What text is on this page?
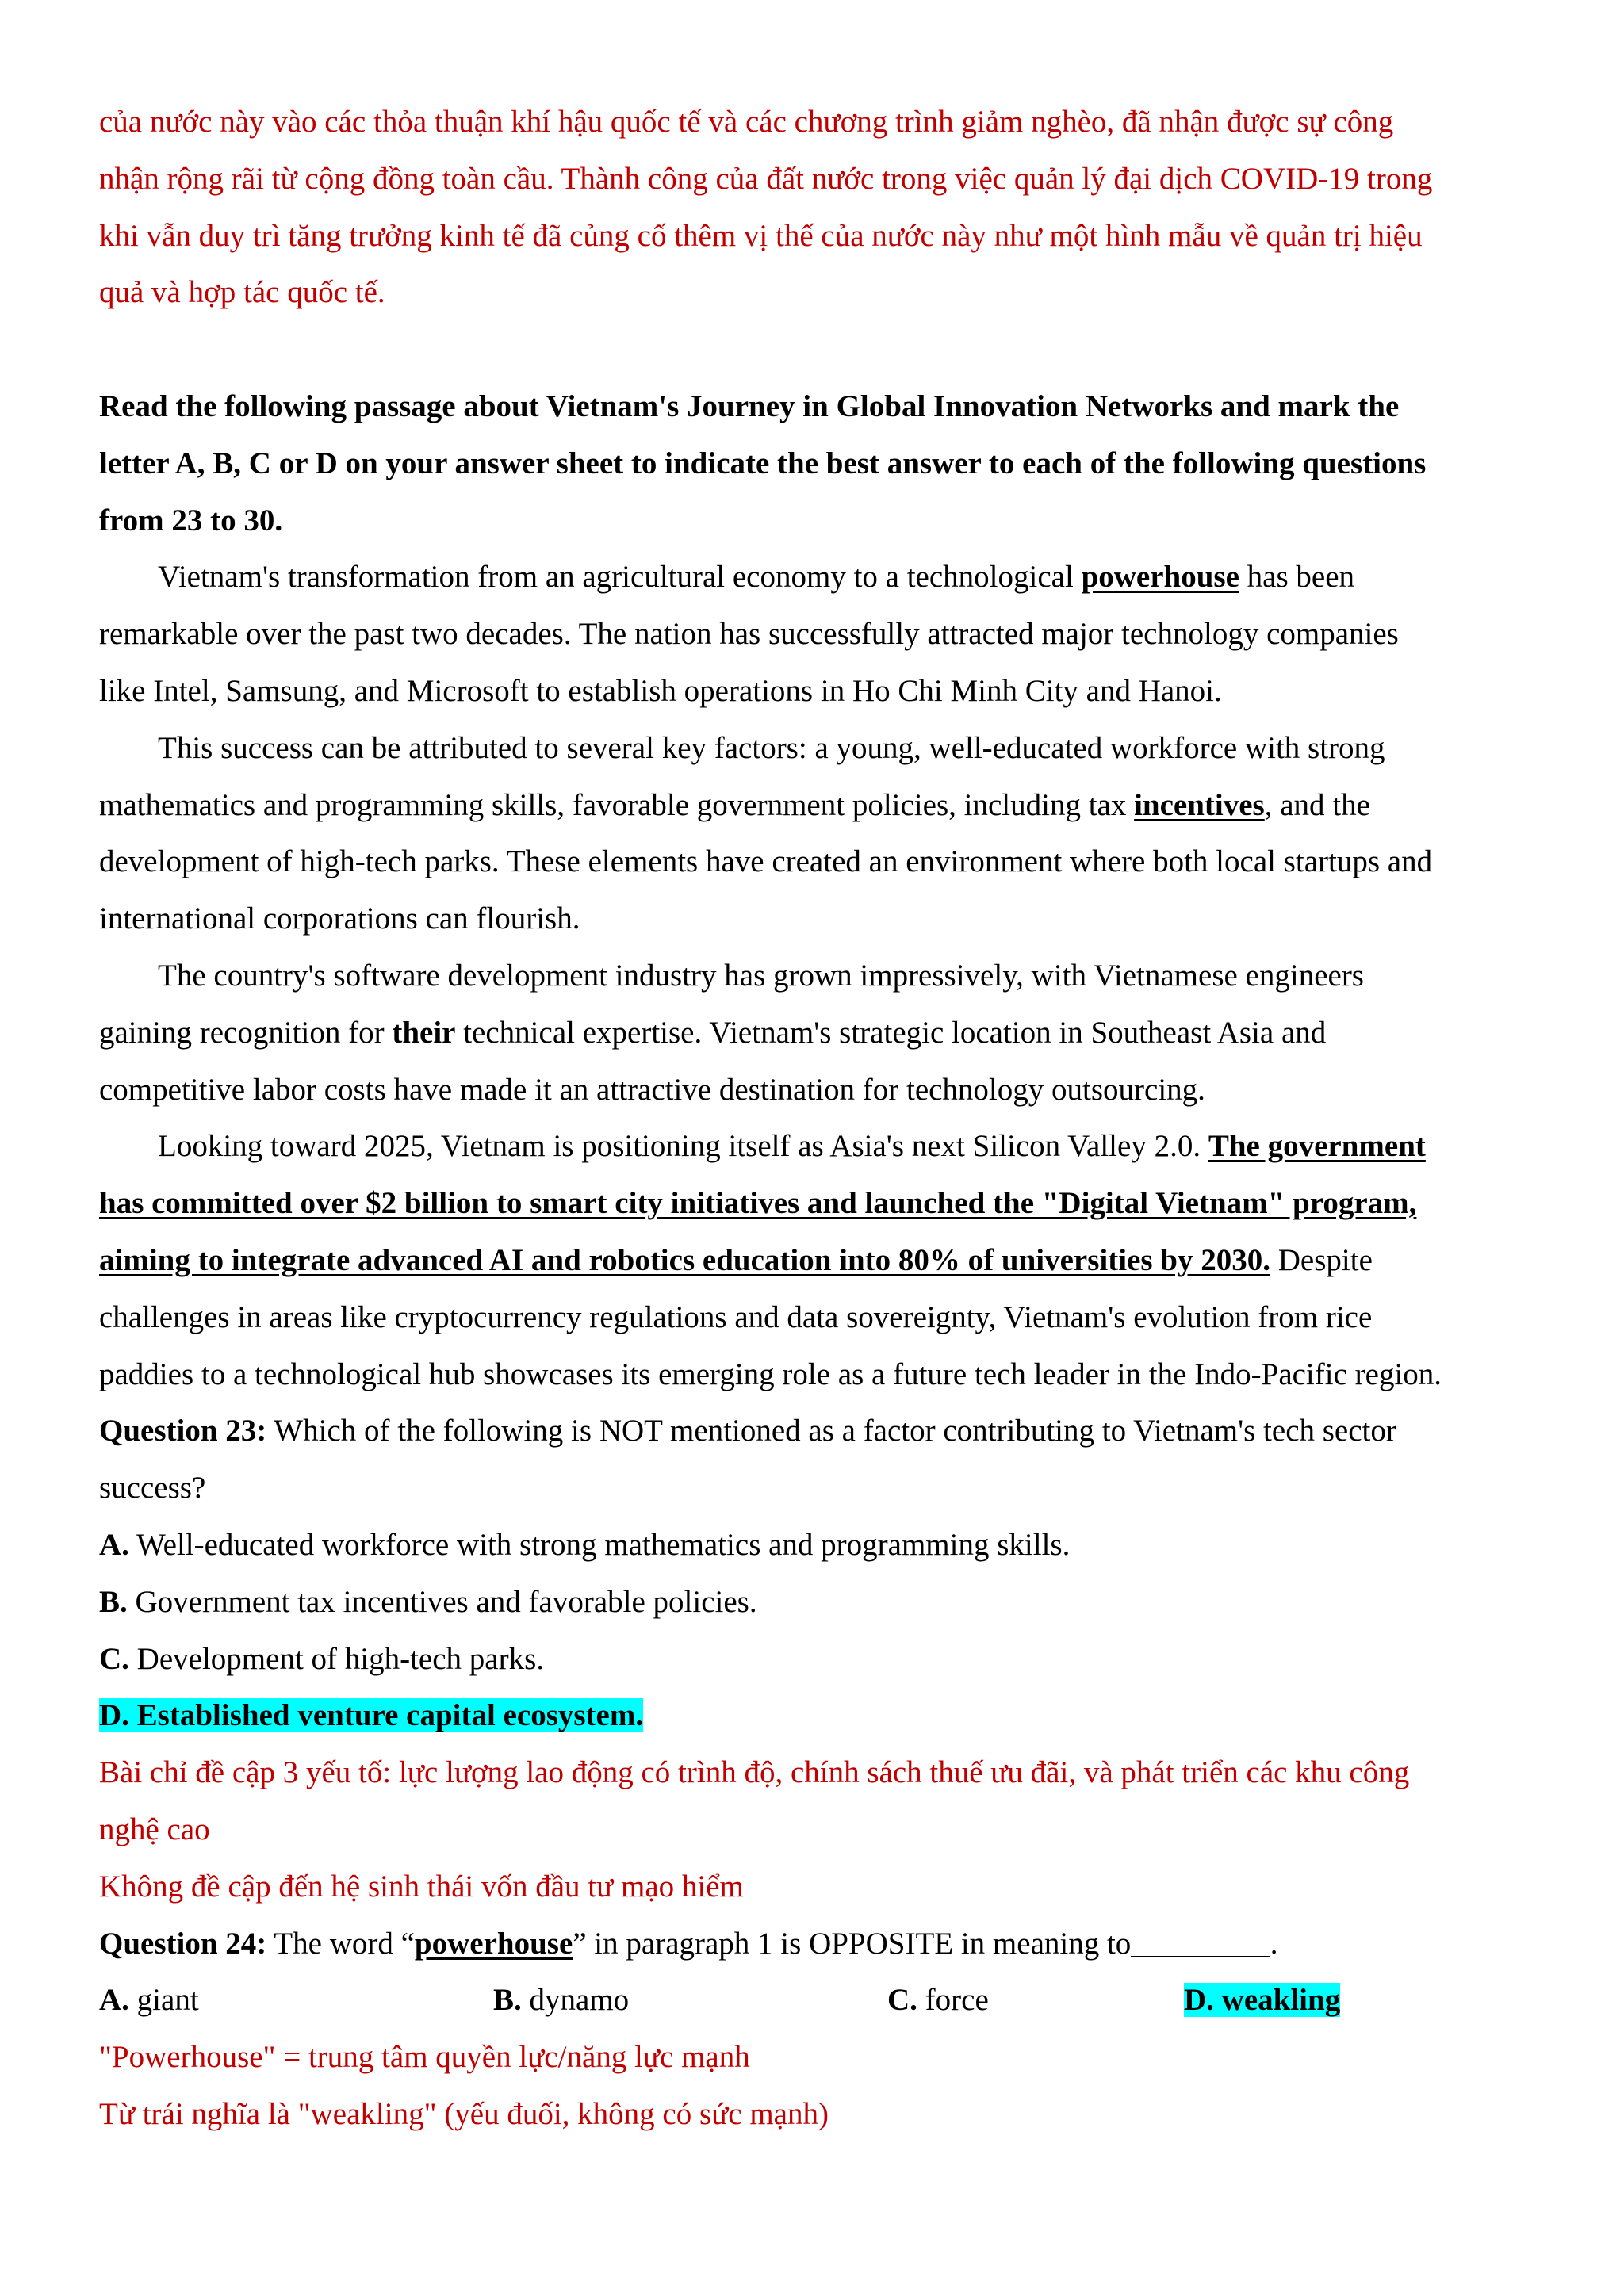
của nước này vào các thỏa thuận khí hậu quốc tế và các chương trình giảm nghèo, đã nhận được sự công
nhận rộng rãi từ cộng đồng toàn cầu. Thành công của đất nước trong việc quản lý đại dịch COVID-19 trong
khi vẫn duy trì tăng trưởng kinh tế đã củng cố thêm vị thế của nước này như một hình mẫu về quản trị hiệu
quả và hợp tác quốc tế.
Read the following passage about Vietnam's Journey in Global Innovation Networks and mark the
letter A, B, C or D on your answer sheet to indicate the best answer to each of the following questions
from 23 to 30.
Vietnam's transformation from an agricultural economy to a technological powerhouse has been
remarkable over the past two decades. The nation has successfully attracted major technology companies
like Intel, Samsung, and Microsoft to establish operations in Ho Chi Minh City and Hanoi.
This success can be attributed to several key factors: a young, well-educated workforce with strong
mathematics and programming skills, favorable government policies, including tax incentives, and the
development of high-tech parks. These elements have created an environment where both local startups and
international corporations can flourish.
The country's software development industry has grown impressively, with Vietnamese engineers
gaining recognition for their technical expertise. Vietnam's strategic location in Southeast Asia and
competitive labor costs have made it an attractive destination for technology outsourcing.
Looking toward 2025, Vietnam is positioning itself as Asia's next Silicon Valley 2.0. The government
has committed over $2 billion to smart city initiatives and launched the "Digital Vietnam" program,
aiming to integrate advanced AI and robotics education into 80% of universities by 2030. Despite
challenges in areas like cryptocurrency regulations and data sovereignty, Vietnam's evolution from rice
paddies to a technological hub showcases its emerging role as a future tech leader in the Indo-Pacific region.
Question 23: Which of the following is NOT mentioned as a factor contributing to Vietnam's tech sector
success?
A. Well-educated workforce with strong mathematics and programming skills.
B. Government tax incentives and favorable policies.
C. Development of high-tech parks.
D. Established venture capital ecosystem.
Bài chỉ đề cập 3 yếu tố: lực lượng lao động có trình độ, chính sách thuế ưu đãi, và phát triển các khu công
nghệ cao
Không đề cập đến hệ sinh thái vốn đầu tư mạo hiểm
Question 24: The word “powerhouse” in paragraph 1 is OPPOSITE in meaning to_________.
A. giant	B. dynamo	C. force	D. weakling
"Powerhouse" = trung tâm quyền lực/năng lực mạnh
Từ trái nghĩa là "weakling" (yếu đuối, không có sức mạnh)
